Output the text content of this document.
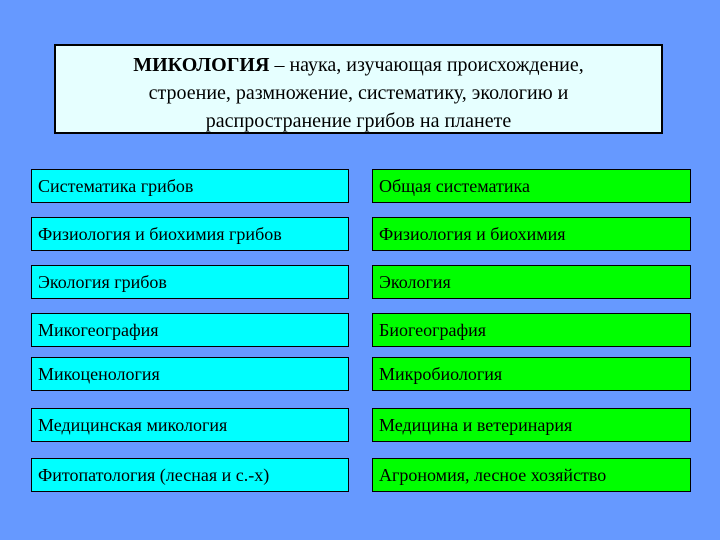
МИКОЛОГИЯ – наука, изучающая происхождение,
строение, размножение, систематику, экологию и
распространение грибов на планете
Систематика грибов	Общая систематика
Физиология и биохимия грибов	Физиология и биохимия
Экология грибов	Экология
Микогеография	Биогеография
Микоценология	Микробиология
Медицинская микология	Медицина и ветеринария
Фитопатология (лесная и с.-х)	Агрономия, лесное хозяйство
